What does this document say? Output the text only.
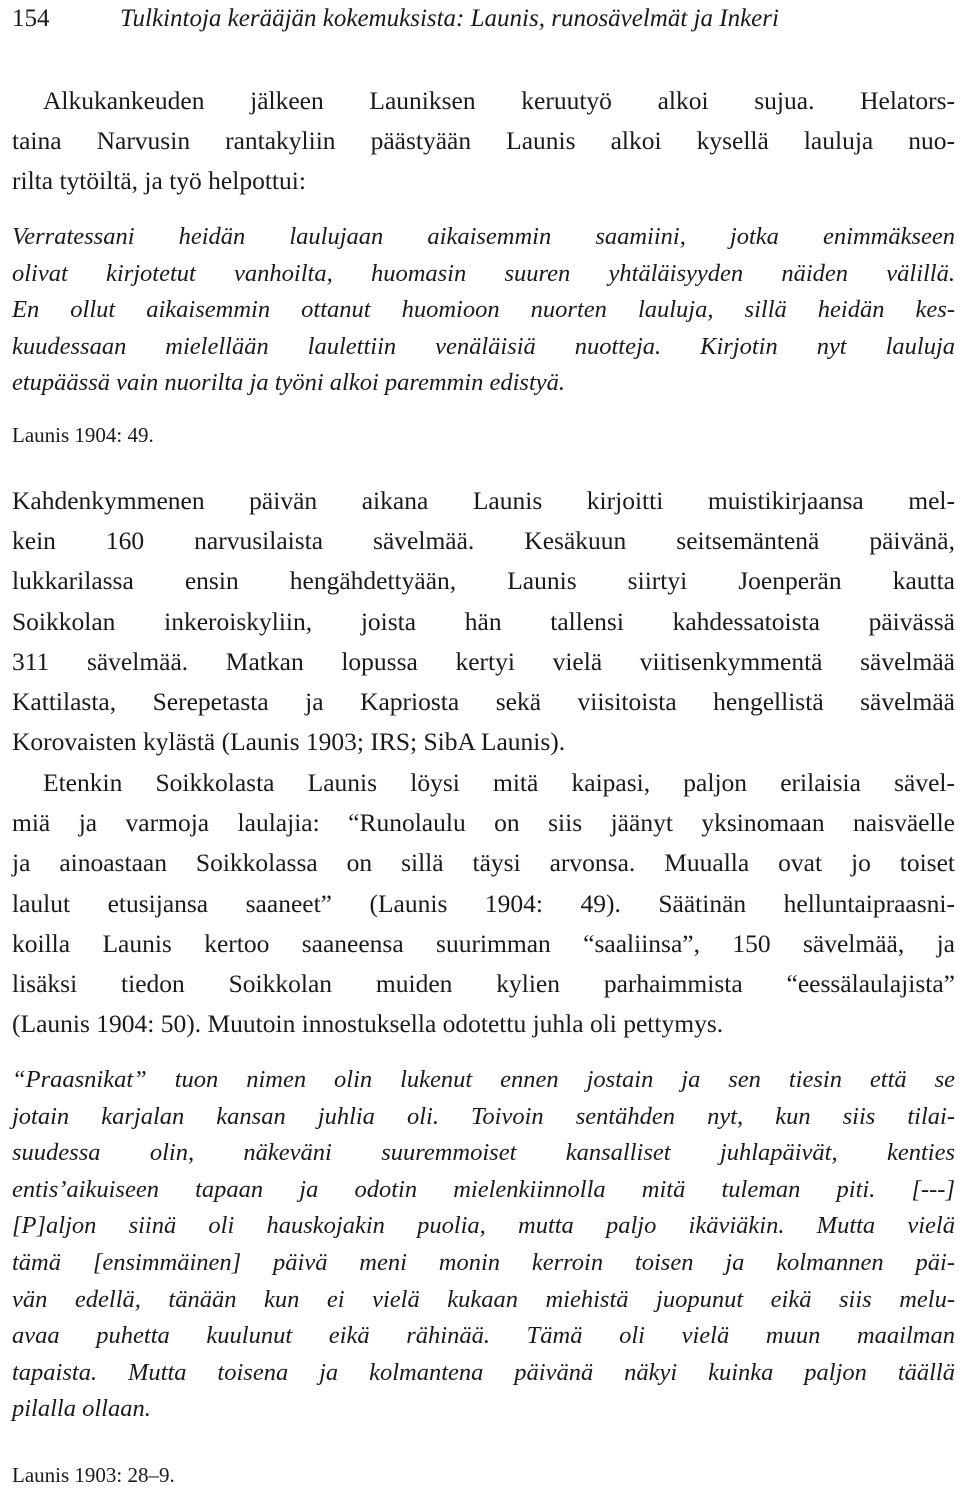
154	Tulkintoja kerääjän kokemuksista: Launis, runosävelmät ja Inkeri
Alkukankeuden jälkeen Launiksen keruutyö alkoi sujua. Helators-
taina Narvusin rantakyliin päästyään Launis alkoi kysellä lauluja nuo-
rilta tytöiltä, ja työ helpottui:
Verratessani heidän laulujaan aikaisemmin saamiini, jotka enimmäkseen
olivat kirjotetut vanhoilta, huomasin suuren yhtäläisyyden näiden välillä.
En ollut aikaisemmin ottanut huomioon nuorten lauluja, sillä heidän kes-
kuudessaan mielellään laulettiin venäläisiä nuotteja. Kirjotin nyt lauluja
etupäässä vain nuorilta ja työni alkoi paremmin edistyä.
Launis 1904: 49.
Kahdenkymmenen päivän aikana Launis kirjoitti muistikirjaansa mel-
kein 160 narvusilaista sävelmää. Kesäkuun seitsemäntenä päivänä,
lukkarilassa ensin hengähdettyään, Launis siirtyi Joenperän kautta
Soikkolan inkeroiskyliin, joista hän tallensi kahdessatoista päivässä
311 sävelmää. Matkan lopussa kertyi vielä viitisenkymmentä sävelmää
Kattilasta, Serepetasta ja Kapriosta sekä viisitoista hengellistä sävelmää
Korovaisten kylästä (Launis 1903; IRS; SibA Launis).
Etenkin Soikkolasta Launis löysi mitä kaipasi, paljon erilaisia sävel-
miä ja varmoja laulajia: “Runolaulu on siis jäänyt yksinomaan naisväelle
ja ainoastaan Soikkolassa on sillä täysi arvonsa. Muualla ovat jo toiset
laulut etusijansa saaneet” (Launis 1904: 49). Säätinän helluntaipraasni-
koilla Launis kertoo saaneensa suurimman “saaliinsa”, 150 sävelmää, ja
lisäksi tiedon Soikkolan muiden kylien parhaimmista “eessälaulajista”
(Launis 1904: 50). Muutoin innostuksella odotettu juhla oli pettymys.
“Praasnikat” tuon nimen olin lukenut ennen jostain ja sen tiesin että se
jotain karjalan kansan juhlia oli. Toivoin sentähden nyt, kun siis tilai-
suudessa olin, näkeväni suuremmoiset kansalliset juhlapäivät, kenties
entis’aikuiseen tapaan ja odotin mielenkiinnolla mitä tuleman piti. [---]
[P]aljon siinä oli hauskojakin puolia, mutta paljo ikäviäkin. Mutta vielä
tämä [ensimmäinen] päivä meni monin kerroin toisen ja kolmannen päi-
vän edellä, tänään kun ei vielä kukaan miehistä juopunut eikä siis melu-
avaa puhetta kuulunut eikä rähinää. Tämä oli vielä muun maailman
tapaista. Mutta toisena ja kolmantena päivänä näkyi kuinka paljon täällä
pilalla ollaan.
Launis 1903: 28–9.
